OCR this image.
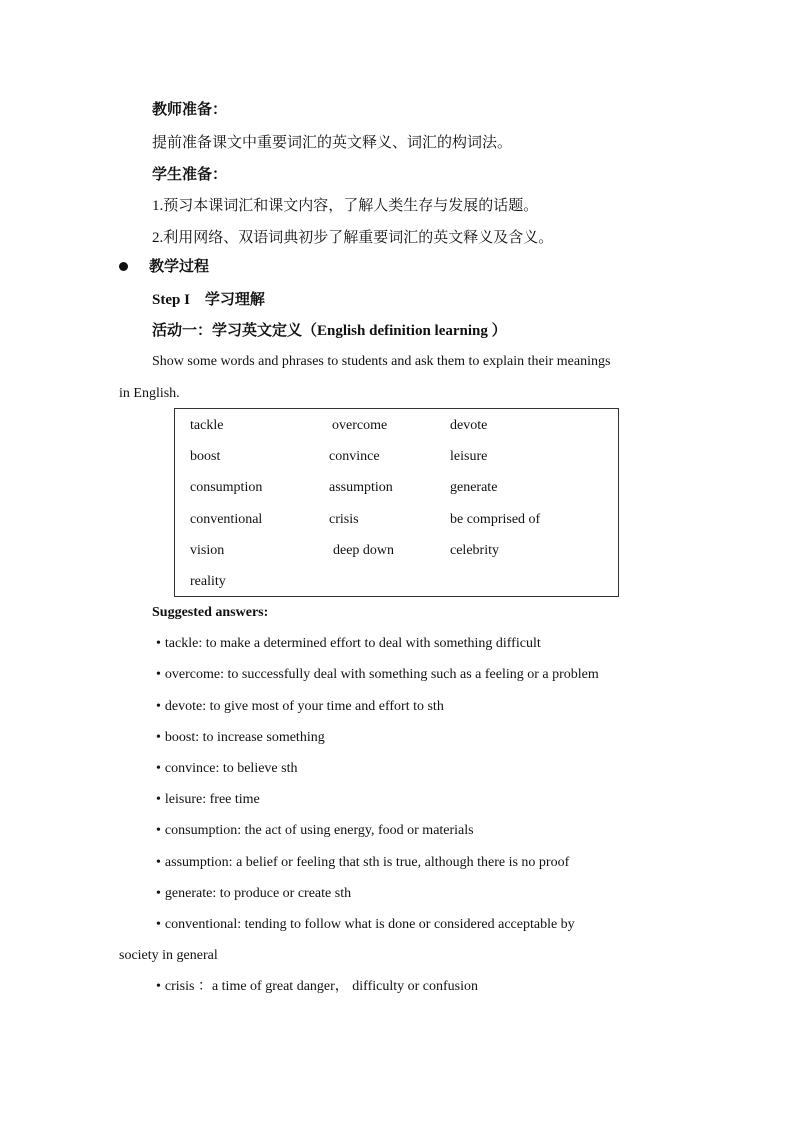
教师准备：
提前准备课文中重要词汇的英文释义、词汇的构词法。
学生准备：
1.预习本课词汇和课文内容，了解人类生存与发展的话题。
2.利用网络、双语词典初步了解重要词汇的英文释义及含义。
教学过程
Step I　学习理解
活动一：学习英文定义（English definition learning ）
Show some words and phrases to students and ask them to explain their meanings
in English.
tackle	overcome	devote
boost	convince	leisure
consumption	assumption	generate
conventional	crisis	be comprised of
vision	deep down	celebrity
reality
Suggested answers:
• tackle: to make a determined effort to deal with something difficult
• overcome: to successfully deal with something such as a feeling or a problem
• devote: to give most of your time and effort to sth
• boost: to increase something
• convince: to believe sth
• leisure: free time
• consumption: the act of using energy, food or materials
• assumption: a belief or feeling that sth is true, although there is no proof
• generate: to produce or create sth
• conventional: tending to follow what is done or considered acceptable by
society in general
• crisis ：a time of great danger， difficulty or confusion
